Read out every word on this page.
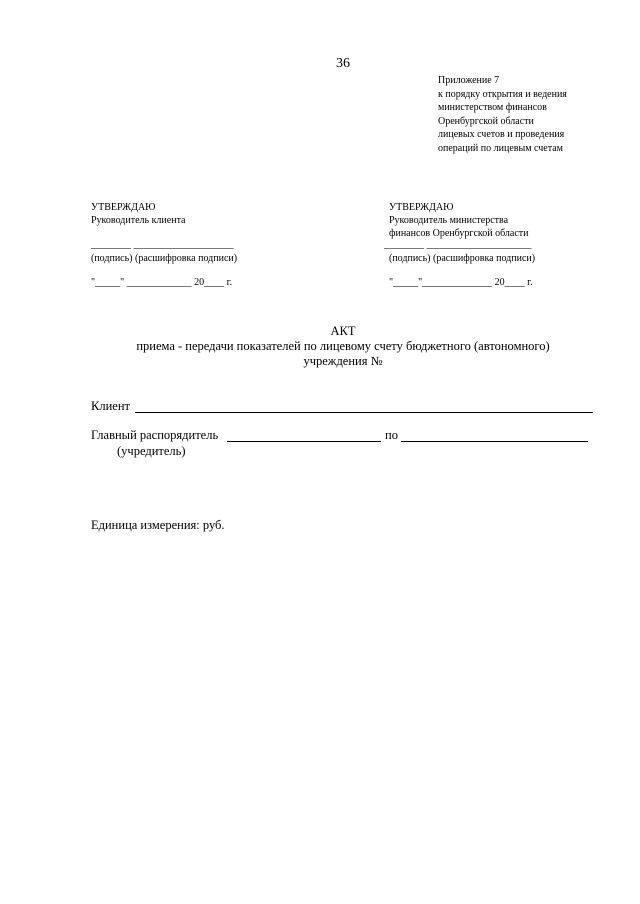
36
Приложение 7
к порядку открытия и ведения
министерством финансов
Оренбургской области
лицевых счетов и проведения
операций по лицевым счетам
УТВЕРЖДАЮ
Руководитель клиента
________ ____________________
(подпись) (расшифровка подписи)
"_____" _____________ 20____ г.
УТВЕРЖДАЮ
Руководитель министерства
финансов Оренбургской области
________ _____________________
(подпись) (расшифровка подписи)
"_____"______________ 20____ г.
АКТ
приема - передачи показателей по лицевому счету бюджетного (автономного)
учреждения №
Клиент
Главный распорядитель	по
(учредитель)
Единица измерения: руб.
